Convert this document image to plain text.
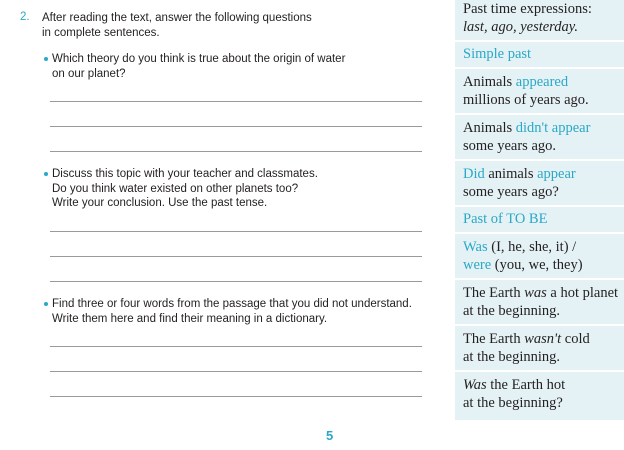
2. After reading the text, answer the following questions
in complete sentences.
Which theory do you think is true about the origin of water
on our planet?
Discuss this topic with your teacher and classmates.
Do you think water existed on other planets too?
Write your conclusion. Use the past tense.
Find three or four words from the passage that you did not understand.
Write them here and find their meaning in a dictionary.
5
Past time expressions:
last, ago, yesterday.
Simple past
Animals appeared
millions of years ago.
Animals didn't appear
some years ago.
Did animals appear
some years ago?
Past of TO BE
Was (I, he, she, it) /
were (you, we, they)
The Earth was a hot planet
at the beginning.
The Earth wasn't cold
at the beginning.
Was the Earth hot
at the beginning?
